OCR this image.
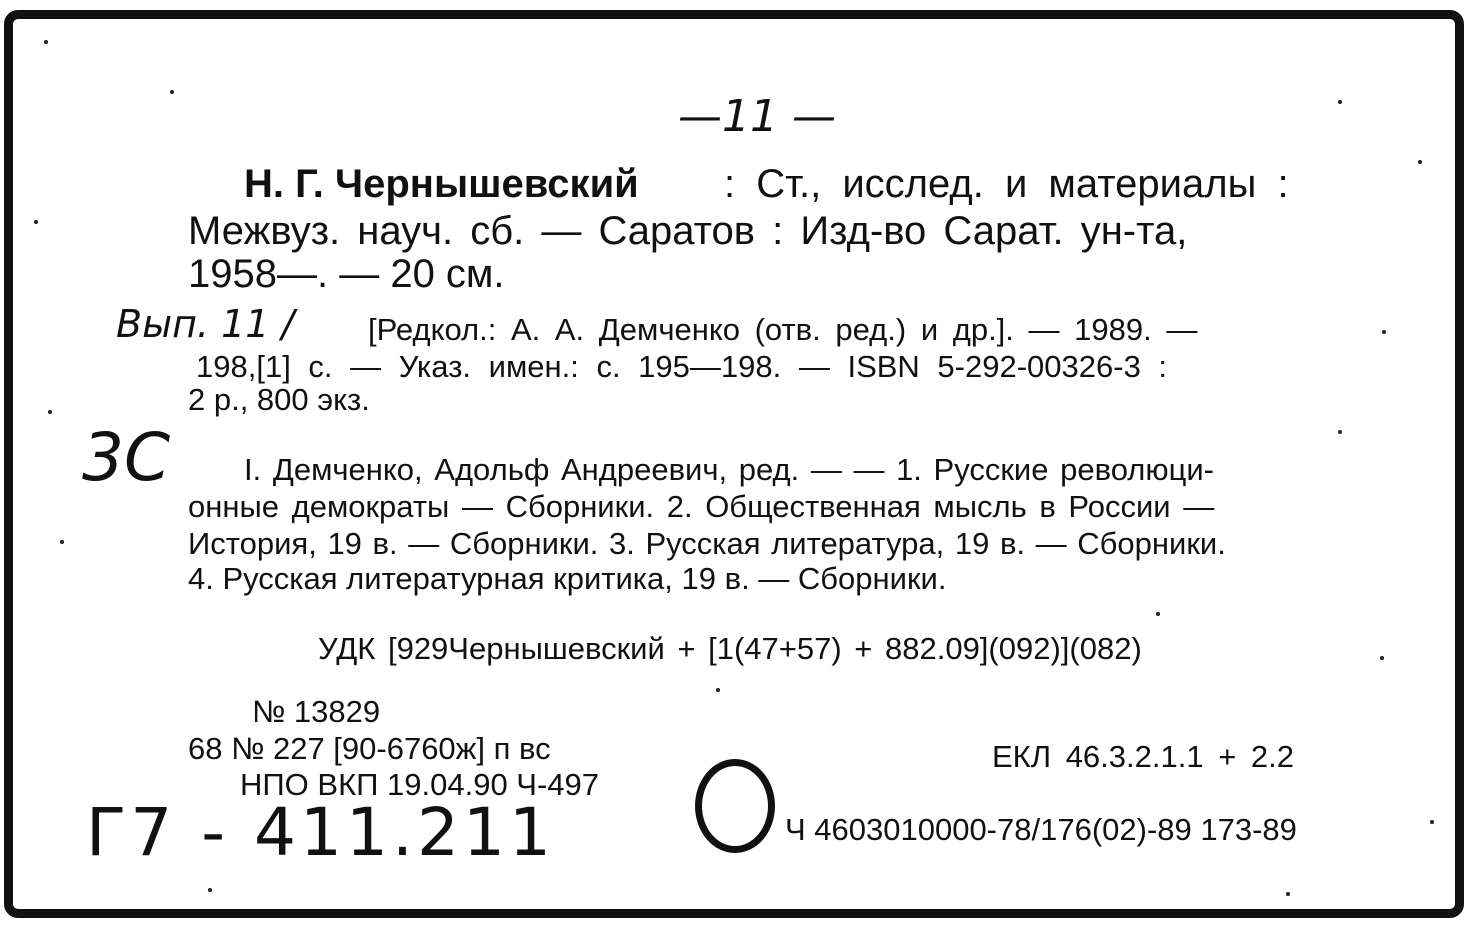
—11 —
Н. Г. Чернышевский : Ст., исслед. и материалы :
Межвуз. науч. сб. — Саратов : Изд-во Сарат. ун-та,
1958—. — 20 см.
Вып. 11 / [Редкол.: А. А. Демченко (отв. ред.) и др.]. — 1989. —
198,[1] с. — Указ. имен.: с. 195—198. — ISBN 5-292-00326-3 :
2 р., 800 экз.
3С I. Демченко, Адольф Андреевич, ред. — — 1. Русские революци-
онные демократы — Сборники. 2. Общественная мысль в России —
История, 19 в. — Сборники. 3. Русская литература, 19 в. — Сборники.
4. Русская литературная критика, 19 в. — Сборники.
УДК [929Чернышевский + [1(47+57) + 882.09](092)](082)
№ 13829
68 № 227 [90-6760ж] п вс
НПО ВКП 19.04.90 Ч-497
ЕКЛ 46.3.2.1.1 + 2.2
Ч 4603010000-78/176(02)-89 173-89
Г7 - 411.211
